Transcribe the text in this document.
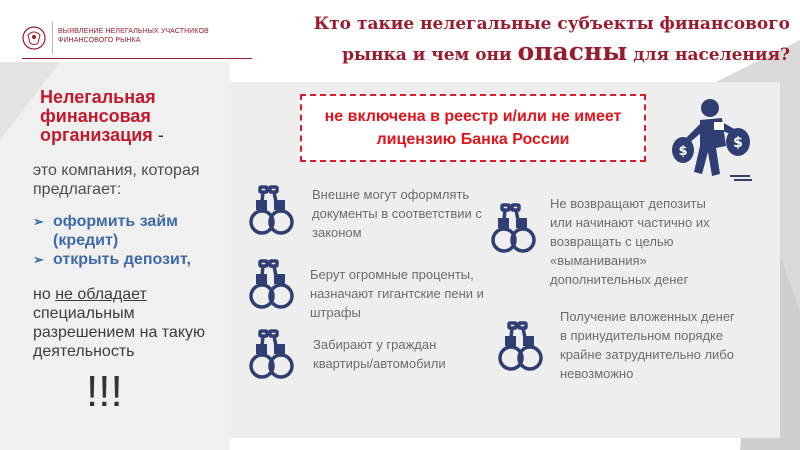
ВЫЯВЛЕНИЕ НЕЛЕГАЛЬНЫХ УЧАСТНИКОВ
ФИНАНСОВОГО РЫНКА
Кто такие нелегальные субъекты финансового
рынка и чем они опасны для населения?
Нелегальная финансовая организация -
это компания, которая предлагает:
➢ оформить займ (кредит)
➢ открыть депозит,
но не обладает специальным разрешением на такую деятельность
!!!
не включена в реестр и/или не имеет лицензию Банка России
$
$
Внешне могут оформлять документы в соответствии с законом
Берут огромные проценты, назначают гигантские пени и штрафы
Забирают у граждан квартиры/автомобили
Не возвращают депозиты или начинают частично их возвращать с целью «выманивания» дополнительных денег
Получение вложенных денег в принудительном порядке крайне затруднительно либо невозможно
